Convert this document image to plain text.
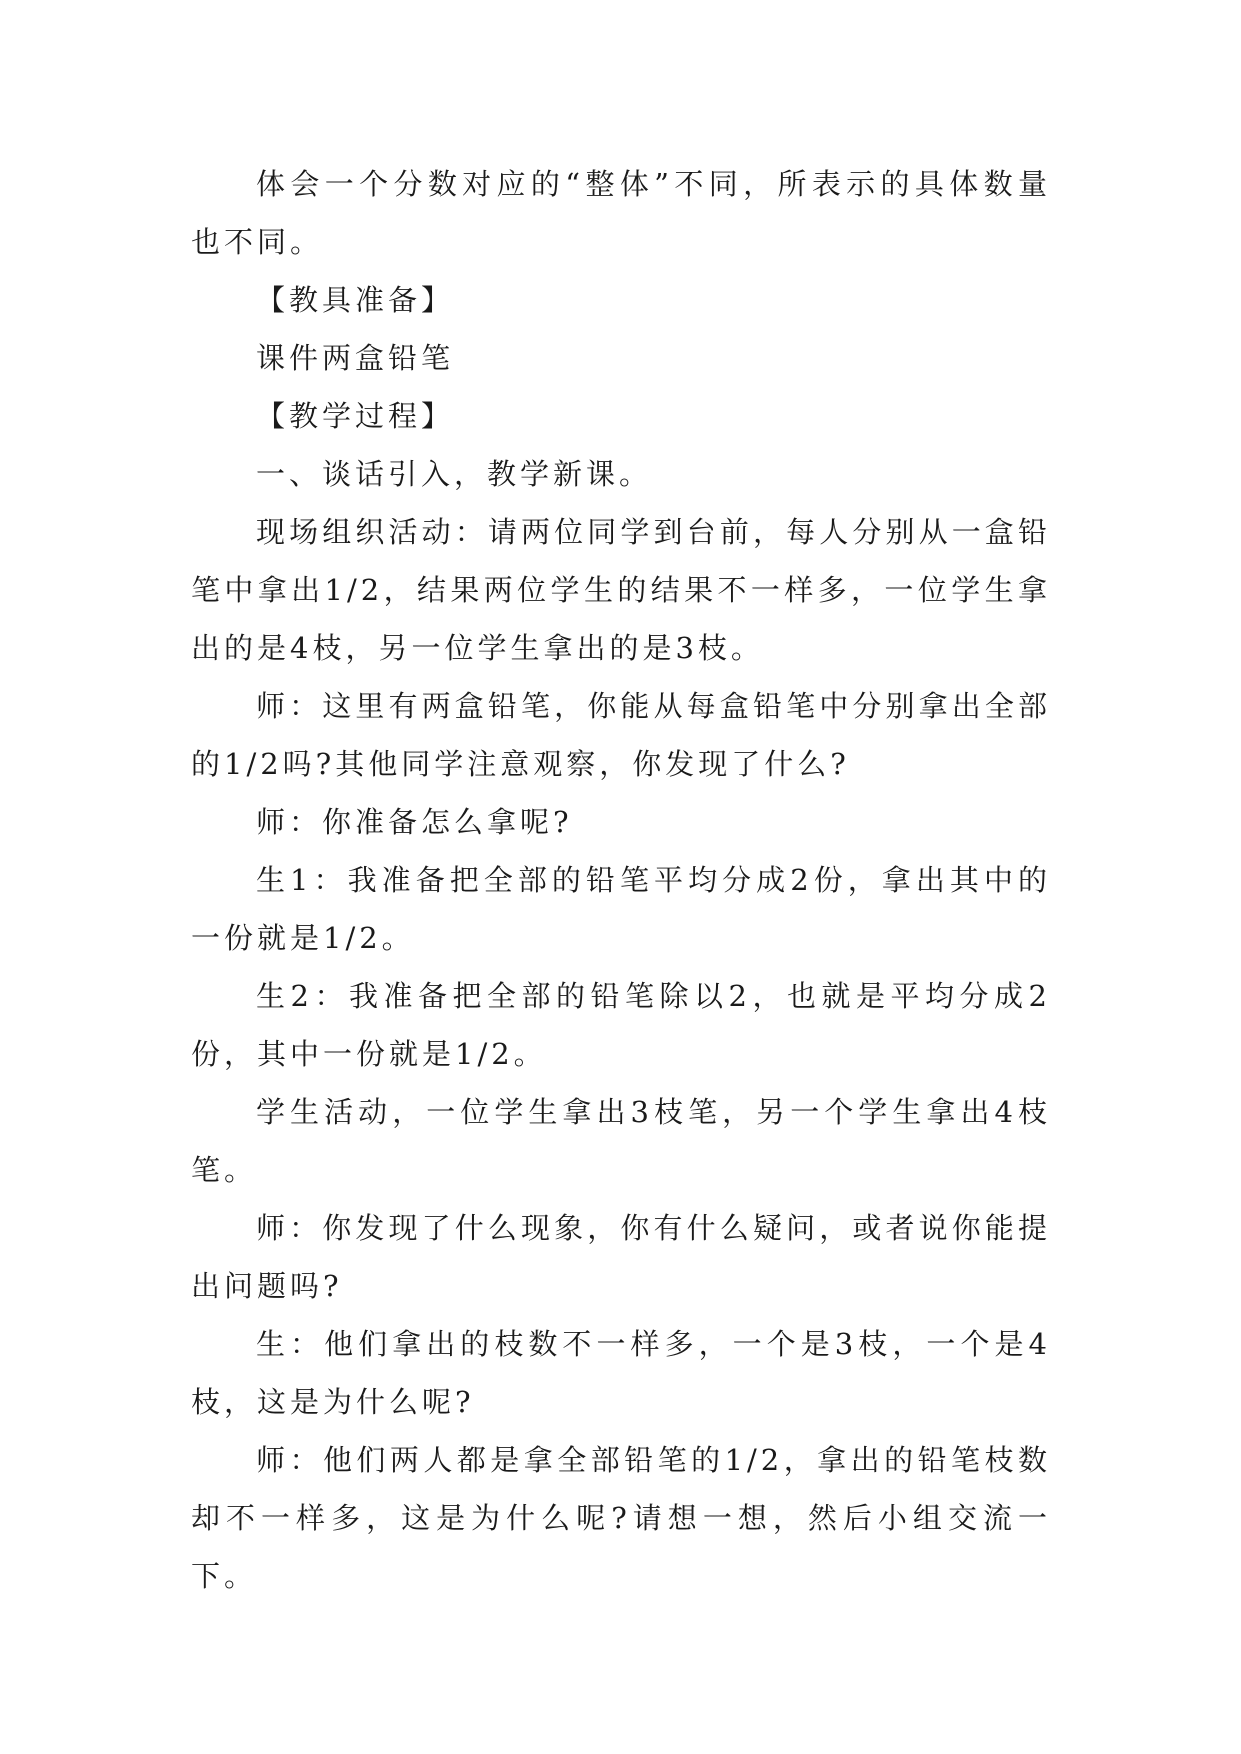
体会一个分数对应的“整体”不同，所表示的具体数量也不同。

【教具准备】

课件两盒铅笔

【教学过程】

一、谈话引入，教学新课。

现场组织活动：请两位同学到台前，每人分别从一盒铅笔中拿出1/2，结果两位学生的结果不一样多，一位学生拿出的是4枝，另一位学生拿出的是3枝。

师：这里有两盒铅笔，你能从每盒铅笔中分别拿出全部的1/2吗?其他同学注意观察，你发现了什么?

师：你准备怎么拿呢?

生1：我准备把全部的铅笔平均分成2份，拿出其中的一份就是1/2。

生2：我准备把全部的铅笔除以2，也就是平均分成2份，其中一份就是1/2。

学生活动，一位学生拿出3枝笔，另一个学生拿出4枝笔。

师：你发现了什么现象，你有什么疑问，或者说你能提出问题吗?

生：他们拿出的枝数不一样多，一个是3枝，一个是4枝，这是为什么呢?

师：他们两人都是拿全部铅笔的1/2，拿出的铅笔枝数却不一样多，这是为什么呢?请想一想，然后小组交流一下。
